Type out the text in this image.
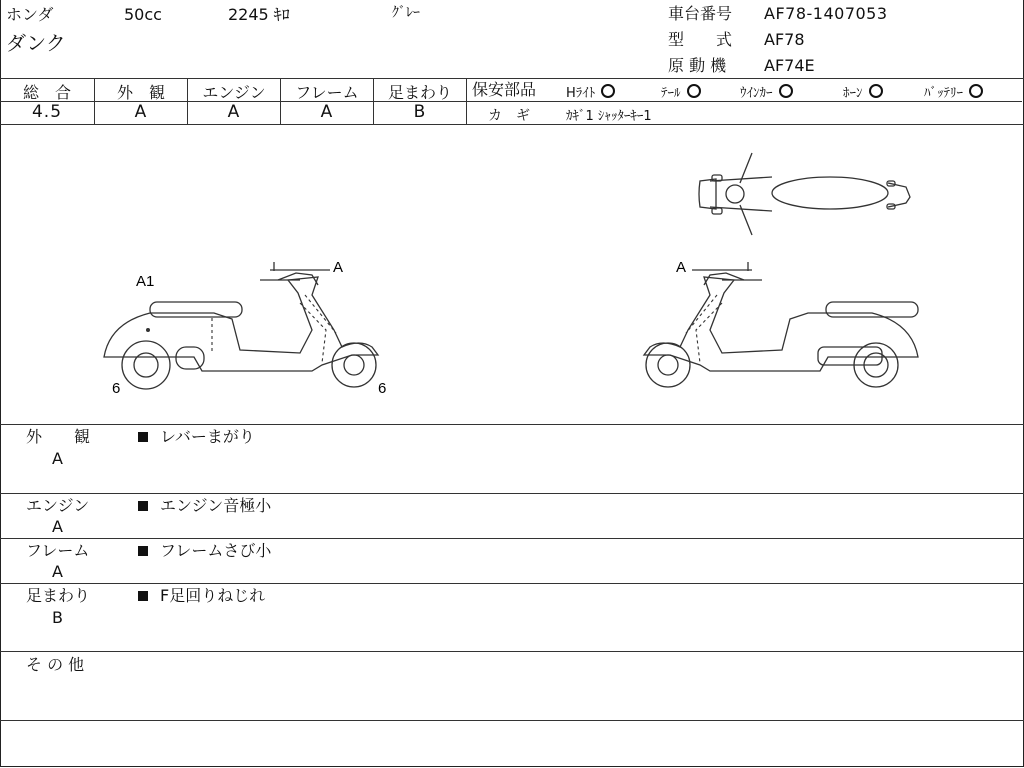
ホンダ	50cc	2245 ｷﾛ	ｸﾞﾚｰ
ダンク
車台番号 AF78-1407053
型　　式 AF78
原 動 機 AF74E
総　合
4.5
外　観
A
エンジン
A
フレーム
A
足まわり
B
保安部品 Hﾗｲﾄ	ﾃｰﾙ	ｳｲﾝｶｰ	ﾎｰﾝ	ﾊﾞｯﾃﾘｰ
カ　ギ	ｶｷﾞ1 ｼｬｯﾀｰｷｰ1
A1
A
6	6
A
外　　観
A
レバーまがり
エンジン
A
エンジン音極小
フレーム
A
フレームさび小
足まわり
B
F足回りねじれ
そ の 他
